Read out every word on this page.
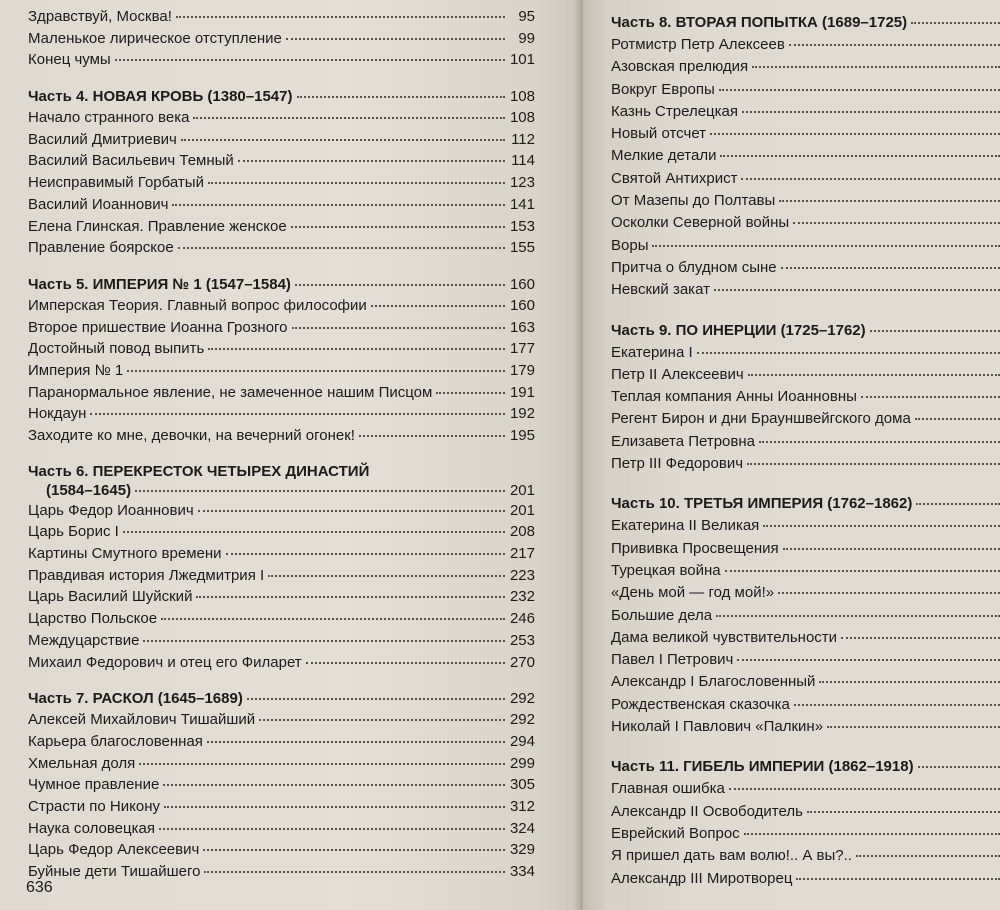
Здравствуй, Москва!	95
Маленькое лирическое отступление	99
Конец чумы	101
Часть 4. НОВАЯ КРОВЬ (1380–1547)	108
Начало странного века	108
Василий Дмитриевич	112
Василий Васильевич Темный	114
Неисправимый Горбатый	123
Василий Иоаннович	141
Елена Глинская. Правление женское	153
Правление боярское	155
Часть 5. ИМПЕРИЯ № 1 (1547–1584)	160
Имперская Теория. Главный вопрос философии	160
Второе пришествие Иоанна Грозного	163
Достойный повод выпить	177
Империя № 1	179
Паранормальное явление, не замеченное нашим Писцом	191
Нокдаун	192
Заходите ко мне, девочки, на вечерний огонек!	195
Часть 6. ПЕРЕКРЕСТОК ЧЕТЫРЕХ ДИНАСТИЙ
(1584–1645)	201
Царь Федор Иоаннович	201
Царь Борис I	208
Картины Смутного времени	217
Правдивая история Лжедмитрия I	223
Царь Василий Шуйский	232
Царство Польское	246
Междуцарствие	253
Михаил Федорович и отец его Филарет	270
Часть 7. РАСКОЛ (1645–1689)	292
Алексей Михайлович Тишайший	292
Карьера благословенная	294
Хмельная доля	299
Чумное правление	305
Страсти по Никону	312
Наука соловецкая	324
Царь Федор Алексеевич	329
Буйные дети Тишайшего	334
636
Часть 8. ВТОРАЯ ПОПЫТКА (1689–1725)
Ротмистр Петр Алексеев
Азовская прелюдия
Вокруг Европы
Казнь Стрелецкая
Новый отсчет
Мелкие детали
Святой Антихрист
От Мазепы до Полтавы
Осколки Северной войны
Воры
Притча о блудном сыне
Невский закат
Часть 9. ПО ИНЕРЦИИ (1725–1762)
Екатерина I
Петр II Алексеевич
Теплая компания Анны Иоанновны
Регент Бирон и дни Брауншвейгского дома
Елизавета Петровна
Петр III Федорович
Часть 10. ТРЕТЬЯ ИМПЕРИЯ (1762–1862)
Екатерина II Великая
Прививка Просвещения
Турецкая война
«День мой — год мой!»
Большие дела
Дама великой чувствительности
Павел I Петрович
Александр I Благословенный
Рождественская сказочка
Николай I Павлович «Палкин»
Часть 11. ГИБЕЛЬ ИМПЕРИИ (1862–1918)
Главная ошибка
Александр II Освободитель
Еврейский Вопрос
Я пришел дать вам волю!.. А вы?..
Александр III Миротворец
